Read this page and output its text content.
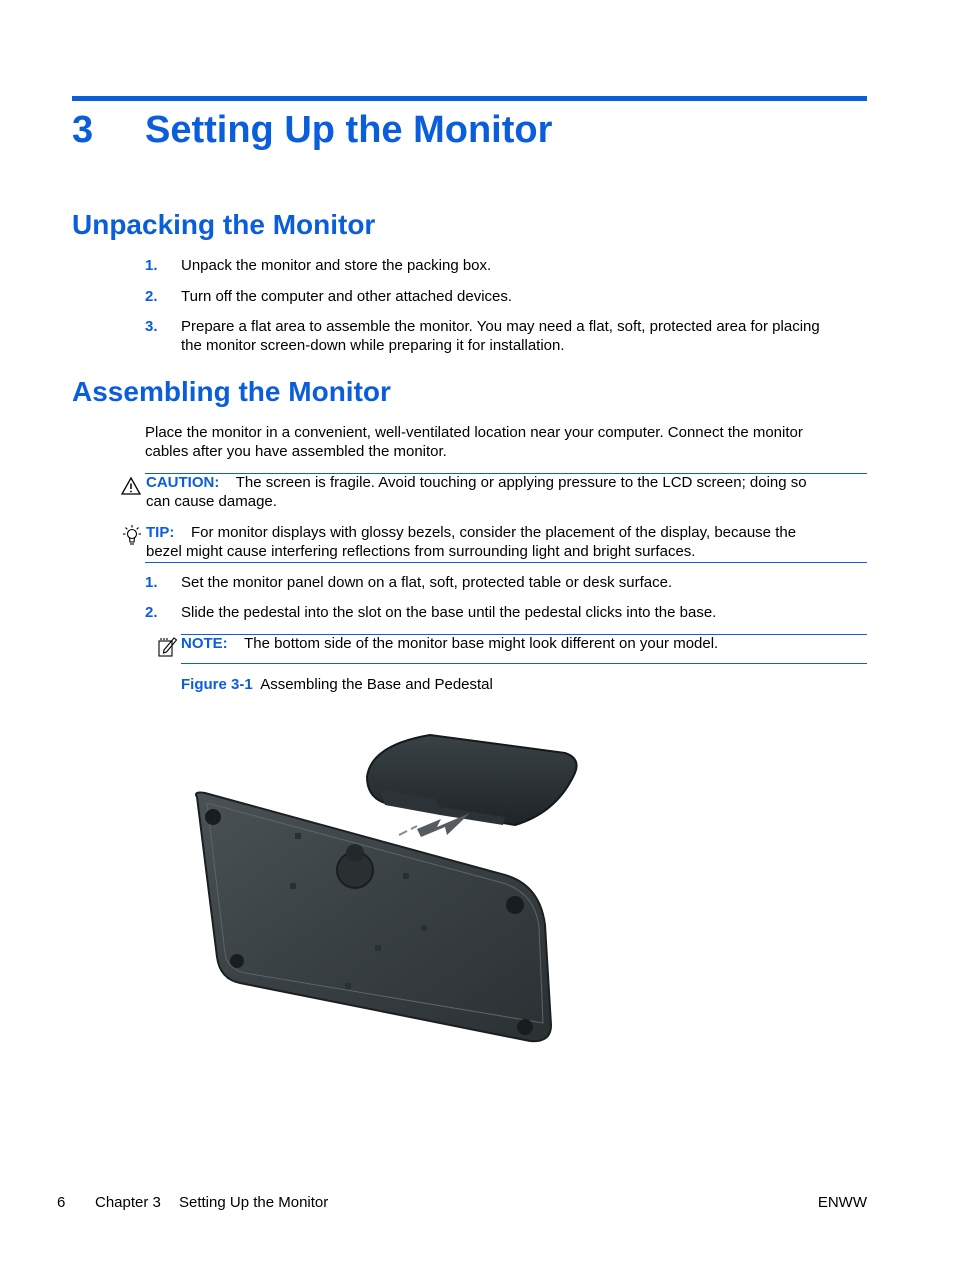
3 Setting Up the Monitor
Unpacking the Monitor
1. Unpack the monitor and store the packing box.
2. Turn off the computer and other attached devices.
3. Prepare a flat area to assemble the monitor. You may need a flat, soft, protected area for placing
the monitor screen-down while preparing it for installation.
Assembling the Monitor
Place the monitor in a convenient, well-ventilated location near your computer. Connect the monitor
cables after you have assembled the monitor.
CAUTION: The screen is fragile. Avoid touching or applying pressure to the LCD screen; doing so
can cause damage.
TIP: For monitor displays with glossy bezels, consider the placement of the display, because the
bezel might cause interfering reflections from surrounding light and bright surfaces.
1. Set the monitor panel down on a flat, soft, protected table or desk surface.
2. Slide the pedestal into the slot on the base until the pedestal clicks into the base.
NOTE: The bottom side of the monitor base might look different on your model.
Figure 3-1 Assembling the Base and Pedestal
6 Chapter 3 Setting Up the Monitor	ENWW
